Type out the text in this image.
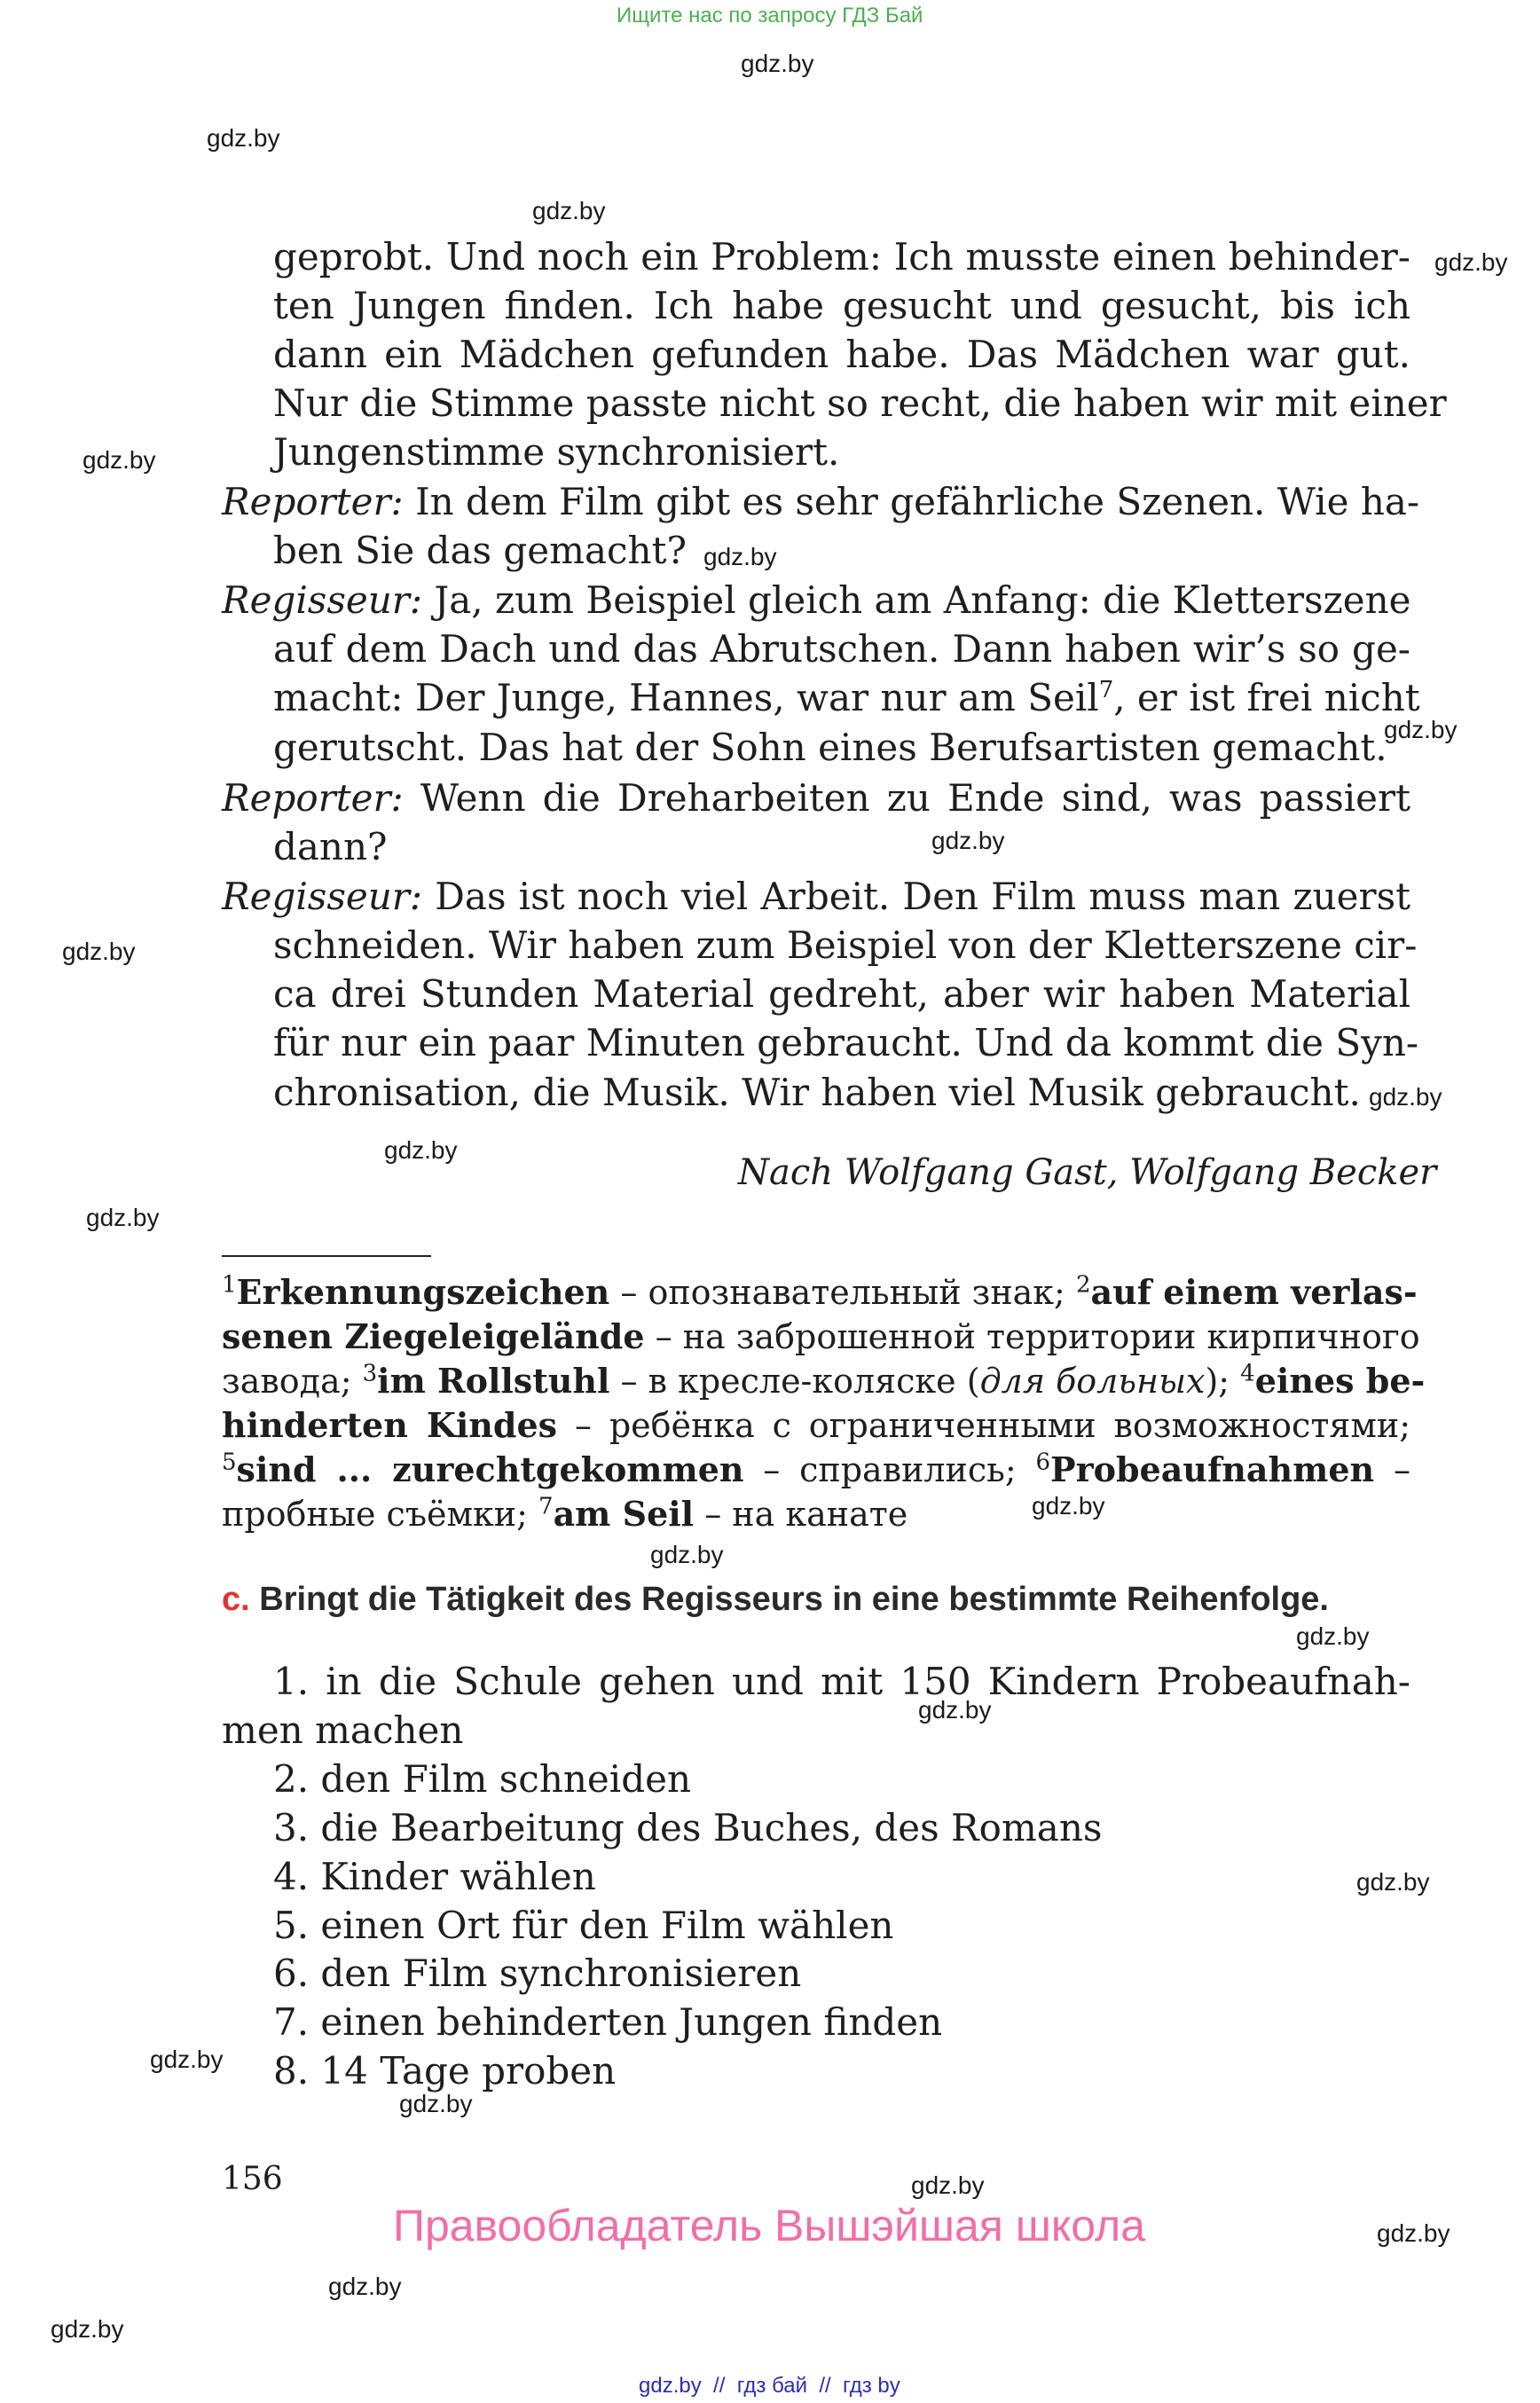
Ищите нас по запросу ГДЗ Бай
gdz.by
gdz.by
gdz.by
gdz.by
gdz.by
gdz.by
gdz.by
gdz.by
gdz.by
gdz.by
gdz.by
gdz.by
gdz.by
gdz.by
gdz.by
gdz.by
gdz.by
gdz.by
gdz.by
gdz.by
gdz.by
gdz.by
gdz.by
geprobt. Und noch ein Problem: Ich musste einen behinder-
ten Jungen finden. Ich habe gesucht und gesucht, bis ich
dann ein Mädchen gefunden habe. Das Mädchen war gut.
Nur die Stimme passte nicht so recht, die haben wir mit einer
Jungenstimme synchronisiert.
Reporter: In dem Film gibt es sehr gefährliche Szenen. Wie ha-
ben Sie das gemacht?
Regisseur: Ja, zum Beispiel gleich am Anfang: die Kletterszene
auf dem Dach und das Abrutschen. Dann haben wir’s so ge-
macht: Der Junge, Hannes, war nur am Seil$^7$, er ist frei nicht
gerutscht. Das hat der Sohn eines Berufsartisten gemacht.
Reporter: Wenn die Dreharbeiten zu Ende sind, was passiert
dann?
Regisseur: Das ist noch viel Arbeit. Den Film muss man zuerst
schneiden. Wir haben zum Beispiel von der Kletterszene cir-
ca drei Stunden Material gedreht, aber wir haben Material
für nur ein paar Minuten gebraucht. Und da kommt die Syn-
chronisation, die Musik. Wir haben viel Musik gebraucht.
Nach Wolfgang Gast, Wolfgang Becker
$^1$Erkennungszeichen – опознавательный знак; $^2$auf einem verlas-
senen Ziegeleigelände – на заброшенной территории кирпичного
завода; $^3$im Rollstuhl – в кресле-коляске (для больных); $^4$eines be-
hinderten Kindes – ребёнка с ограниченными возможностями;
$^5$sind ... zurechtgekommen – справились; $^6$Probeaufnahmen –
пробные съёмки; $^7$am Seil – на канате
c. Bringt die Tätigkeit des Regisseurs in eine bestimmte Reihenfolge.
1. in die Schule gehen und mit 150 Kindern Probeaufnah-
men machen
2. den Film schneiden
3. die Bearbeitung des Buches, des Romans
4. Kinder wählen
5. einen Ort für den Film wählen
6. den Film synchronisieren
7. einen behinderten Jungen finden
8. 14 Tage proben
156
Правообладатель Вышэйшая школа
gdz.by  //  гдз бай  //  гдз by
